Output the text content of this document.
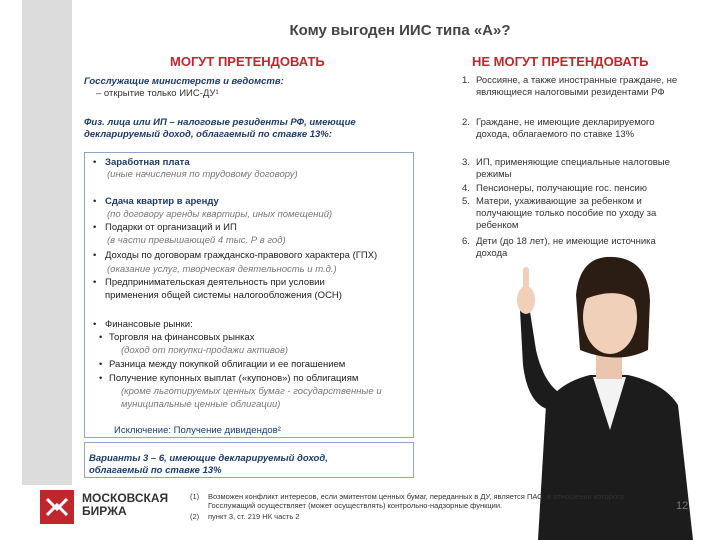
Кому выгоден ИИС типа «А»?
МОГУТ ПРЕТЕНДОВАТЬ	НЕ МОГУТ ПРЕТЕНДОВАТЬ
Госслужащие министерств и ведомств:
– открытие только ИИС-ДУ¹
Физ. лица или ИП – налоговые резиденты РФ, имеющие
декларируемый доход, облагаемый по ставке 13%:
• Заработная плата
(иные начисления по трудовому договору)
• Сдача квартир в аренду
(по договору аренды квартиры, иных помещений)
• Подарки от организаций и ИП
(в части превышающей 4 тыс. Р в год)
• Доходы по договорам гражданско-правового характера (ГПХ)
(оказание услуг, творческая деятельность и т.д.)
• Предпринимательская деятельность при условии
применения общей системы налогообложения (ОСН)
• Финансовые рынки:
• Торговля на финансовых рынках
(доход от покупки-продажи активов)
• Разница между покупкой облигации и ее погашением
• Получение купонных выплат («купонов») по облигациям
(кроме льготируемых ценных бумаг - государственные и
муниципальные ценные облигации)
Исключение: Получение дивидендов²
Варианты 3 – 6, имеющие декларируемый доход,
облагаемый по ставке 13%
1. Россияне, а также иностранные граждане, не
являющиеся налоговыми резидентами РФ
2. Граждане, не имеющие декларируемого
дохода, облагаемого по ставке 13%
3. ИП, применяющие специальные налоговые
режимы
4. Пенсионеры, получающие гос. пенсию
5. Матери, ухаживающие за ребенком и
получающие только пособие по уходу за
ребенком
6. Дети (до 18 лет), не имеющие источника
дохода
МОСКОВСКАЯ
БИРЖА
(1)	Возможен конфликт интересов, если эмитентом ценных бумаг, переданных в ДУ, является ПАО, в отношении которого
Госслужащий осуществляет (может осуществлять) контрольно-надзорные функции.
(2)	пункт 3, ст. 219 НК часть 2
12
